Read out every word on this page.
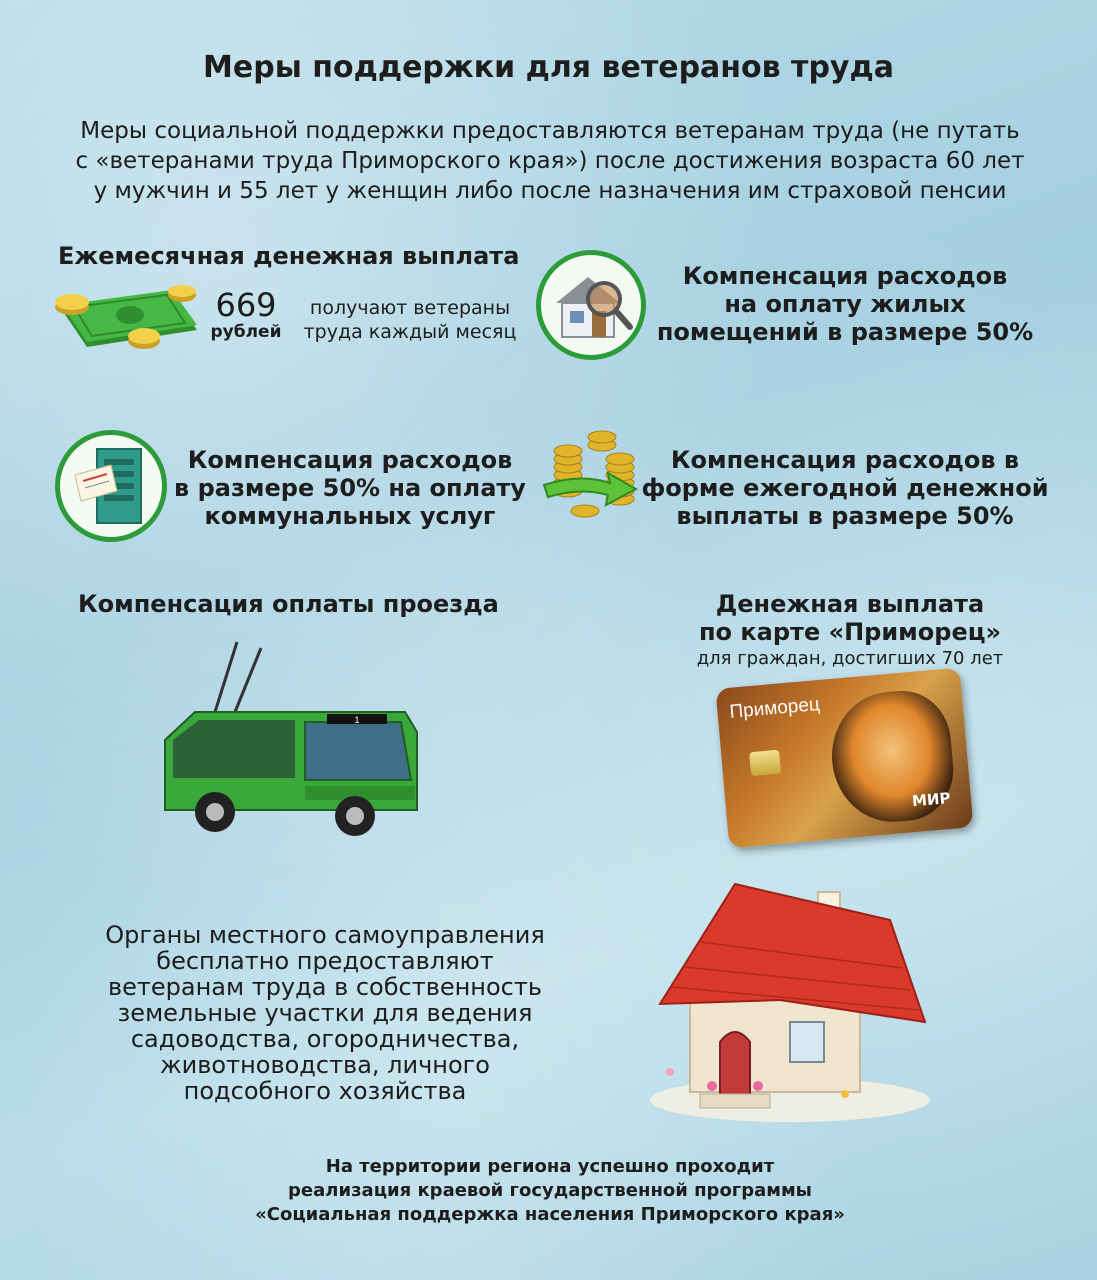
Меры поддержки для ветеранов труда
Меры социальной поддержки предоставляются ветеранам труда (не путать
с «ветеранами труда Приморского края») после достижения возраста 60 лет
у мужчин и 55 лет у женщин либо после назначения им страховой пенсии
Ежемесячная денежная выплата
669
рублей
получают ветераны
труда каждый месяц
Компенсация расходов
на оплату жилых
помещений в размере 50%
Компенсация расходов
в размере 50% на оплату
коммунальных услуг
Компенсация расходов в
форме ежегодной денежной
выплаты в размере 50%
Компенсация оплаты проезда
1
Денежная выплата
по карте «Приморец»
для граждан, достигших 70 лет
Приморец
МИР
Органы местного самоуправления
бесплатно предоставляют
ветеранам труда в собственность
земельные участки для ведения
садоводства, огородничества,
животноводства, личного
подсобного хозяйства
На территории региона успешно проходит
реализация краевой государственной программы
«Социальная поддержка населения Приморского края»
